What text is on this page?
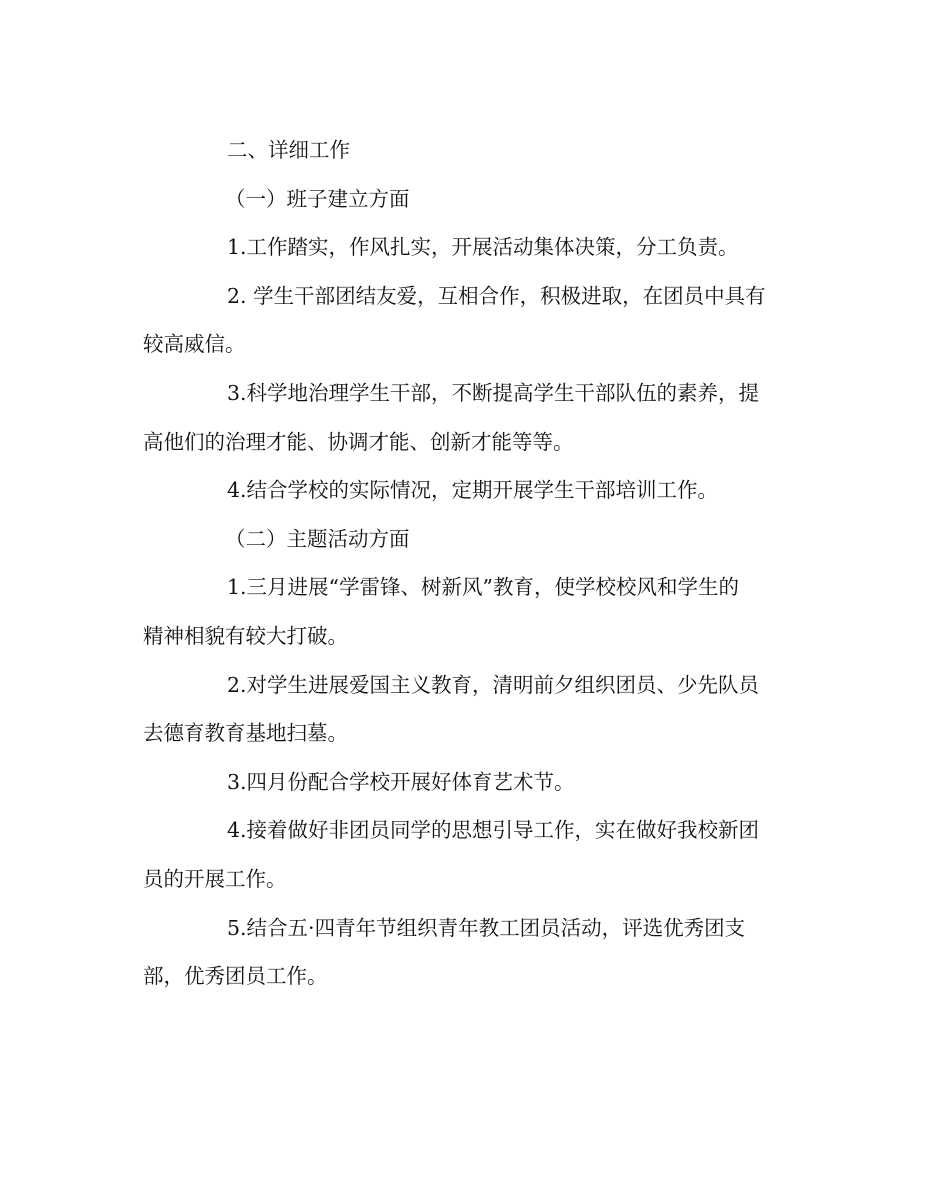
二、详细工作
（一）班子建立方面
1.工作踏实，作风扎实，开展活动集体决策，分工负责。
2. 学生干部团结友爱，互相合作，积极进取，在团员中具有
较高威信。
3.科学地治理学生干部，不断提高学生干部队伍的素养，提
高他们的治理才能、协调才能、创新才能等等。
4.结合学校的实际情况，定期开展学生干部培训工作。
（二）主题活动方面
1.三月进展“学雷锋、树新风”教育，使学校校风和学生的
精神相貌有较大打破。
2.对学生进展爱国主义教育，清明前夕组织团员、少先队员
去德育教育基地扫墓。
3.四月份配合学校开展好体育艺术节。
4.接着做好非团员同学的思想引导工作，实在做好我校新团
员的开展工作。
5.结合五·四青年节组织青年教工团员活动，评选优秀团支
部，优秀团员工作。
